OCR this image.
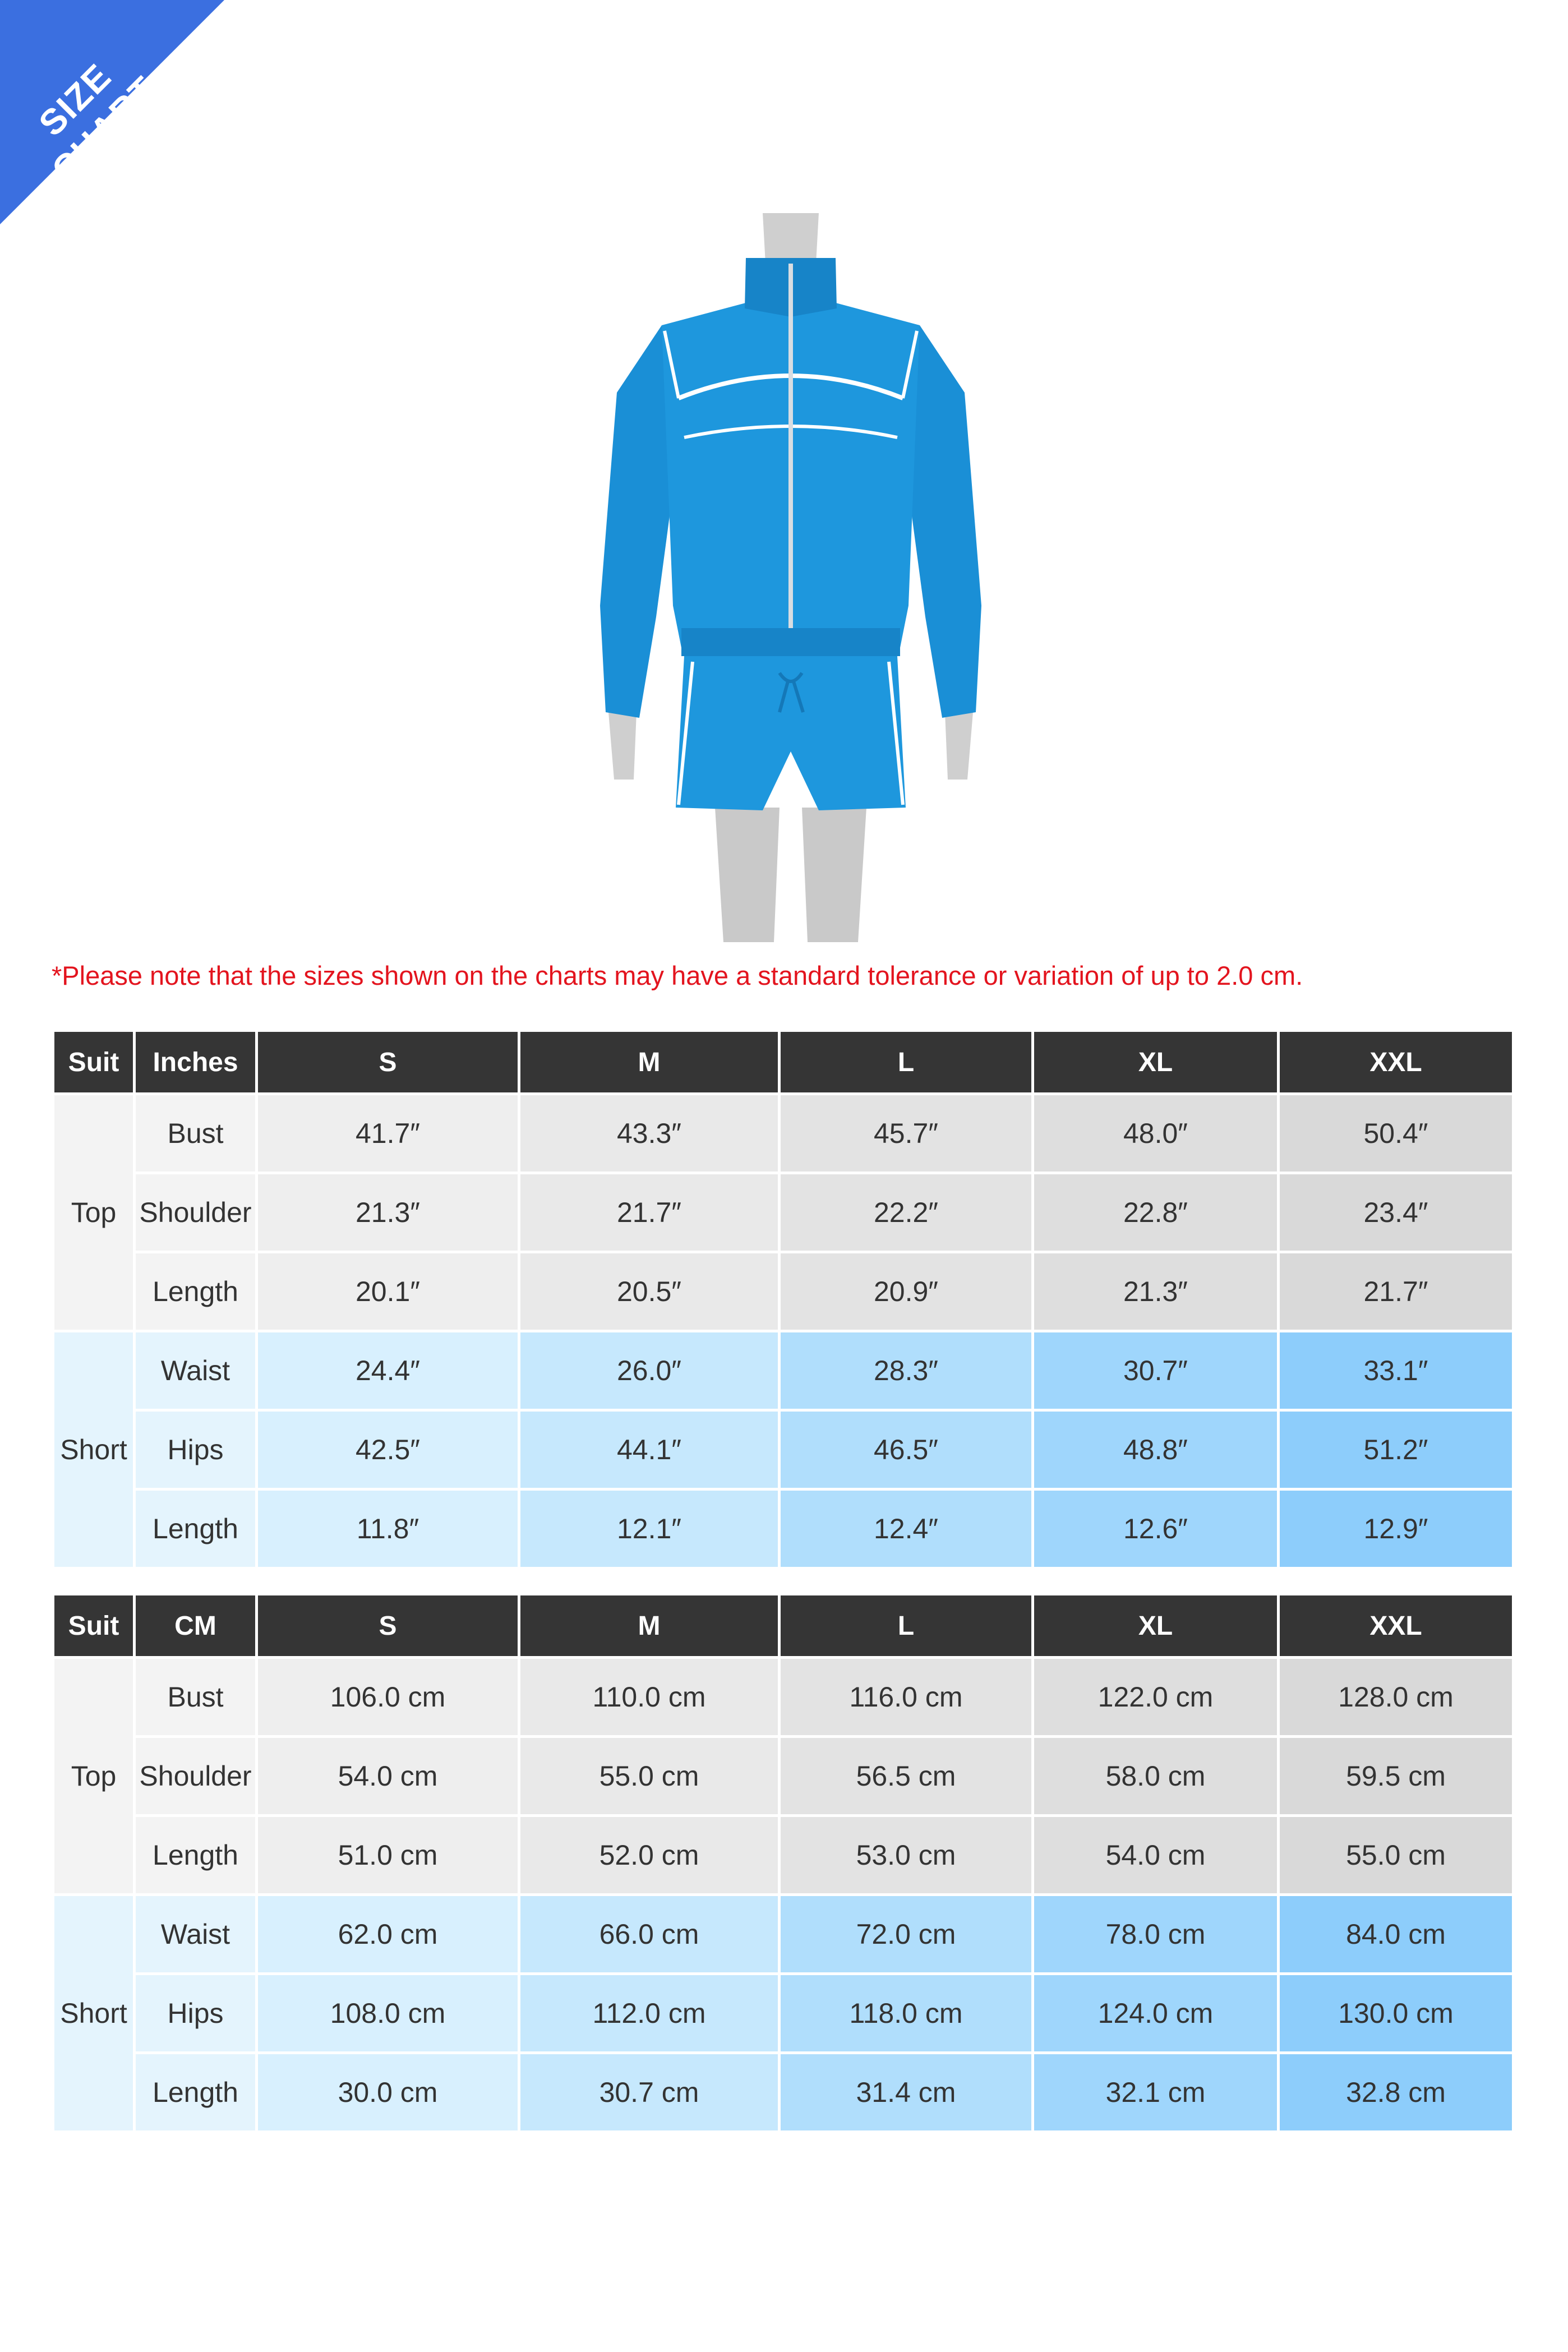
SIZE CHART
*Please note that the sizes shown on the charts may have a standard tolerance or variation of up to 2.0 cm.
Suit	Inches	S	M	L	XL	XXL
Top	Bust	41.7″	43.3″	45.7″	48.0″	50.4″
	Shoulder	21.3″	21.7″	22.2″	22.8″	23.4″
	Length	20.1″	20.5″	20.9″	21.3″	21.7″
Short	Waist	24.4″	26.0″	28.3″	30.7″	33.1″
	Hips	42.5″	44.1″	46.5″	48.8″	51.2″
	Length	11.8″	12.1″	12.4″	12.6″	12.9″
Suit	CM	S	M	L	XL	XXL
Top	Bust	106.0 cm	110.0 cm	116.0 cm	122.0 cm	128.0 cm
	Shoulder	54.0 cm	55.0 cm	56.5 cm	58.0 cm	59.5 cm
	Length	51.0 cm	52.0 cm	53.0 cm	54.0 cm	55.0 cm
Short	Waist	62.0 cm	66.0 cm	72.0 cm	78.0 cm	84.0 cm
	Hips	108.0 cm	112.0 cm	118.0 cm	124.0 cm	130.0 cm
	Length	30.0 cm	30.7 cm	31.4 cm	32.1 cm	32.8 cm
